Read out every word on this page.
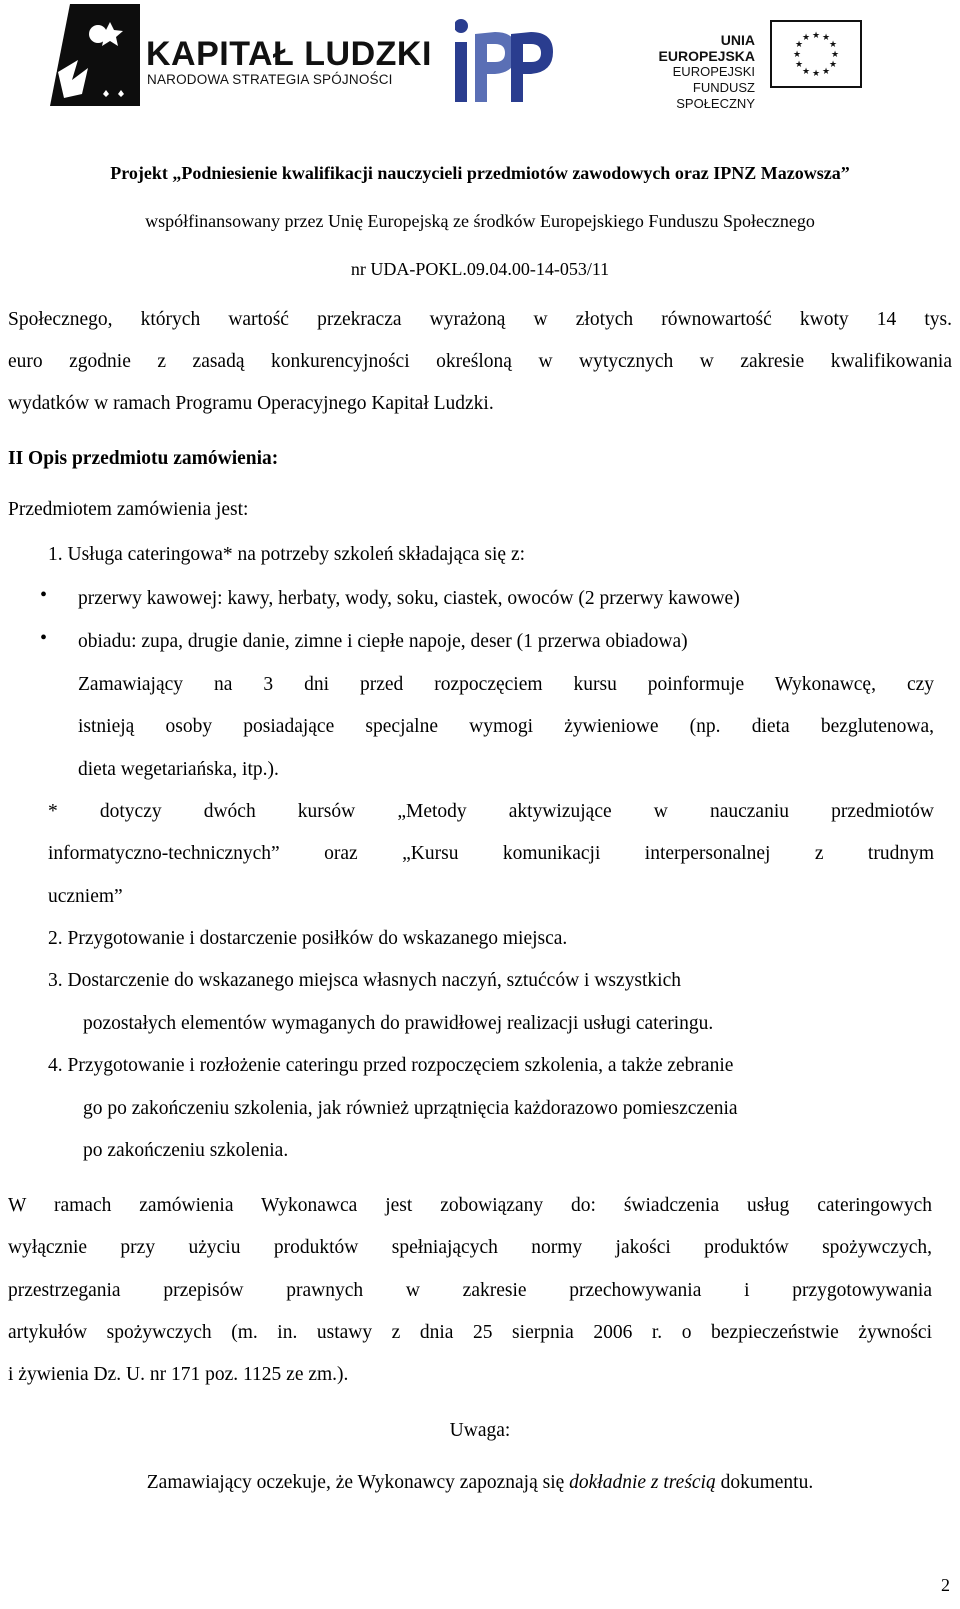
KAPITAŁ LUDZKI
NARODOWA STRATEGIA SPÓJNOŚCI
UNIA EUROPEJSKA
EUROPEJSKI
FUNDUSZ SPOŁECZNY
★ ★
★
★
★
★
★
★
★
★
★
★
Projekt „Podniesienie kwalifikacji nauczycieli przedmiotów zawodowych oraz IPNZ Mazowsza”
współfinansowany przez Unię Europejską ze środków Europejskiego Funduszu Społecznego
nr UDA-POKL.09.04.00-14-053/11
Społecznego, których wartość przekracza wyrażoną w złotych równowartość kwoty 14 tys.
euro zgodnie z zasadą konkurencyjności określoną w wytycznych w zakresie kwalifikowania
wydatków w ramach Programu Operacyjnego Kapitał Ludzki.
II Opis przedmiotu zamówienia:
Przedmiotem zamówienia jest:
1. Usługa cateringowa* na potrzeby szkoleń składająca się z:
• przerwy kawowej: kawy, herbaty, wody, soku, ciastek, owoców (2 przerwy kawowe)
• obiadu: zupa, drugie danie, zimne i ciepłe napoje, deser (1 przerwa obiadowa)
Zamawiający na 3 dni przed rozpoczęciem kursu poinformuje Wykonawcę, czy
istnieją osoby posiadające specjalne wymogi żywieniowe (np. dieta bezglutenowa,
dieta wegetariańska, itp.).
* dotyczy dwóch kursów „Metody aktywizujące w nauczaniu przedmiotów
informatyczno-technicznych” oraz „Kursu komunikacji interpersonalnej z trudnym
uczniem”
2. Przygotowanie i dostarczenie posiłków do wskazanego miejsca.
3. Dostarczenie do wskazanego miejsca własnych naczyń, sztućców i wszystkich
pozostałych elementów wymaganych do prawidłowej realizacji usługi cateringu.
4. Przygotowanie i rozłożenie cateringu przed rozpoczęciem szkolenia, a także zebranie
go po zakończeniu szkolenia, jak również uprzątnięcia każdorazowo pomieszczenia
po zakończeniu szkolenia.
W ramach zamówienia Wykonawca jest zobowiązany do: świadczenia usług cateringowych
wyłącznie przy użyciu produktów spełniających normy jakości produktów spożywczych,
przestrzegania przepisów prawnych w zakresie przechowywania i przygotowywania
artykułów spożywczych (m. in. ustawy z dnia 25 sierpnia 2006 r. o bezpieczeństwie żywności
i żywienia Dz. U. nr 171 poz. 1125 ze zm.).
Uwaga:
Zamawiający oczekuje, że Wykonawcy zapoznają się dokładnie z treścią dokumentu.
2
